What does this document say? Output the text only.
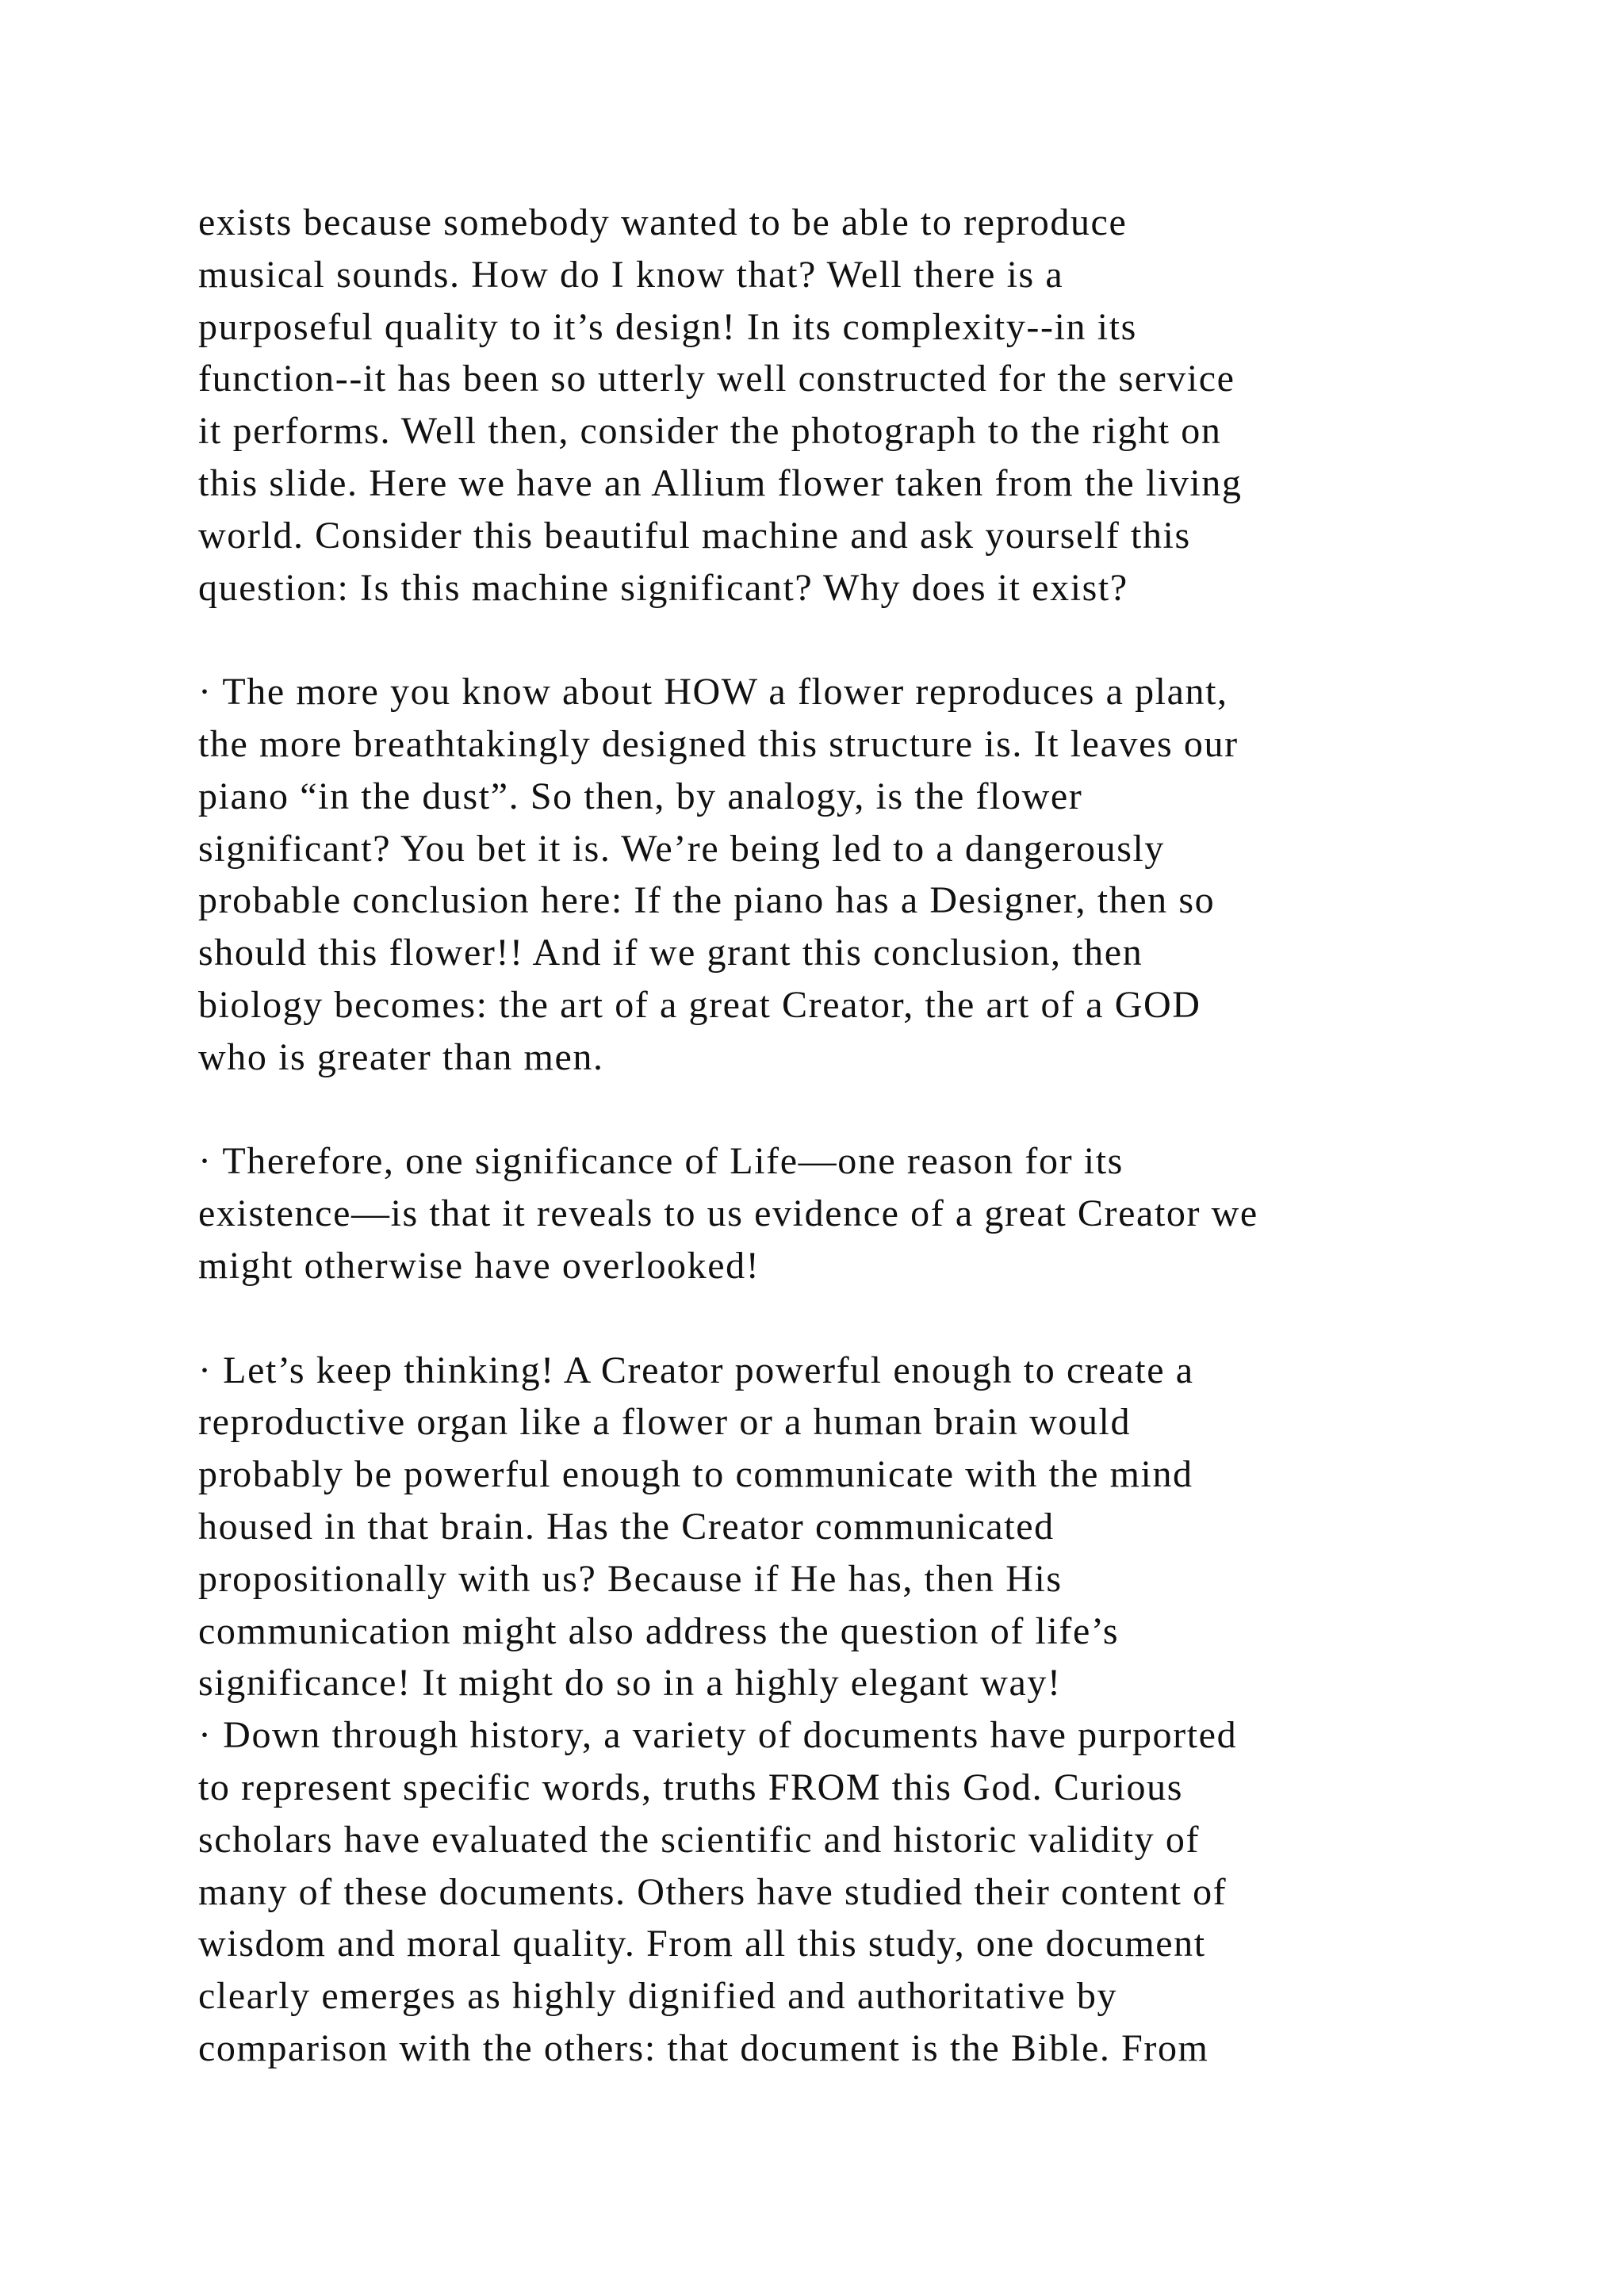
exists because somebody wanted to be able to reproduce
musical sounds. How do I know that? Well there is a
purposeful quality to it’s design! In its complexity--in its
function--it has been so utterly well constructed for the service
it performs. Well then, consider the photograph to the right on
this slide. Here we have an Allium flower taken from the living
world. Consider this beautiful machine and ask yourself this
question: Is this machine significant? Why does it exist?
· The more you know about HOW a flower reproduces a plant,
the more breathtakingly designed this structure is. It leaves our
piano “in the dust”. So then, by analogy, is the flower
significant? You bet it is. We’re being led to a dangerously
probable conclusion here: If the piano has a Designer, then so
should this flower!! And if we grant this conclusion, then
biology becomes: the art of a great Creator, the art of a GOD
who is greater than men.
· Therefore, one significance of Life—one reason for its
existence—is that it reveals to us evidence of a great Creator we
might otherwise have overlooked!
· Let’s keep thinking! A Creator powerful enough to create a
reproductive organ like a flower or a human brain would
probably be powerful enough to communicate with the mind
housed in that brain. Has the Creator communicated
propositionally with us? Because if He has, then His
communication might also address the question of life’s
significance! It might do so in a highly elegant way!
· Down through history, a variety of documents have purported
to represent specific words, truths FROM this God. Curious
scholars have evaluated the scientific and historic validity of
many of these documents. Others have studied their content of
wisdom and moral quality. From all this study, one document
clearly emerges as highly dignified and authoritative by
comparison with the others: that document is the Bible. From
